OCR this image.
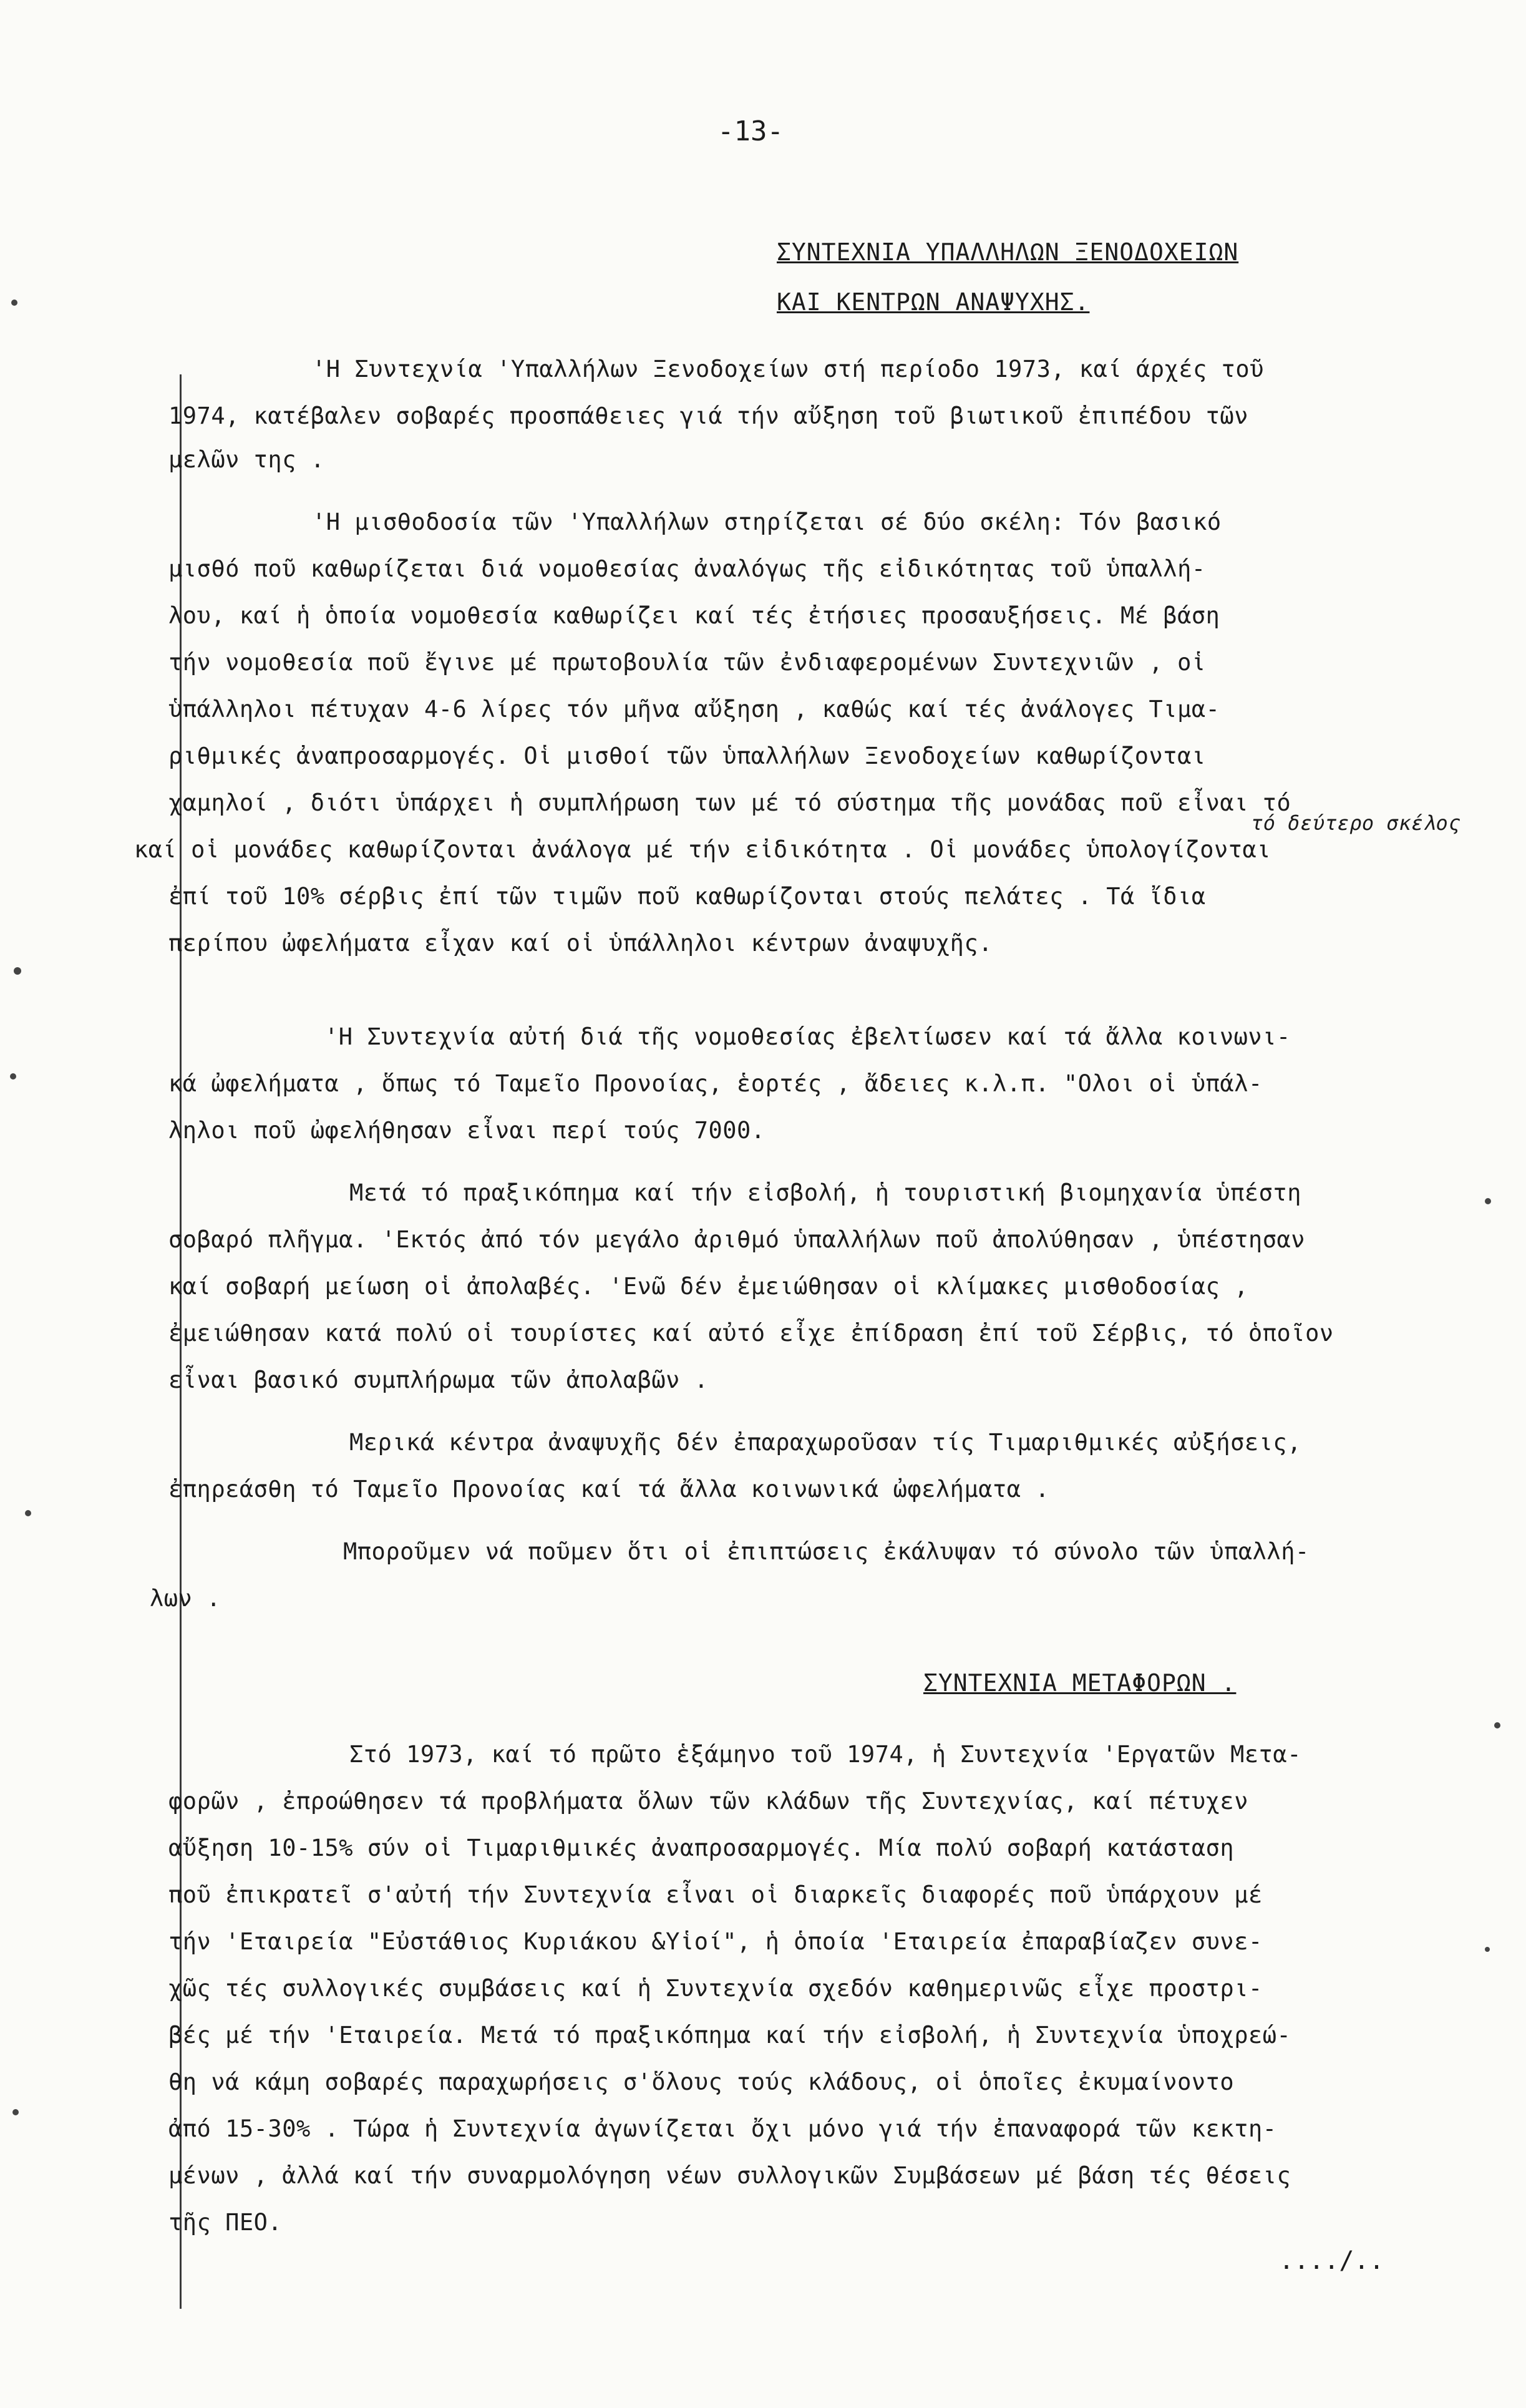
-13-
ΣΥΝΤΕΧΝΙΑ ΥΠΑΛΛΗΛΩΝ ΞΕΝΟΔΟΧΕΙΩΝ
ΚΑΙ ΚΕΝΤΡΩΝ ΑΝΑΨΥΧΗΣ.
'Η Συντεχνία 'Υπαλλήλων Ξενοδοχείων στή περίοδο 1973, καί άρχές τοῦ
1974, κατέβαλεν σοβαρές προσπάθειες γιά τήν αὔξηση τοῦ βιωτικοῦ ἐπιπέδου τῶν
μελῶν της .
'Η μισθοδοσία τῶν 'Υπαλλήλων στηρίζεται σέ δύο σκέλη: Τόν βασικό
μισθό ποῦ καθωρίζεται διά νομοθεσίας ἀναλόγως τῆς εἰδικότητας τοῦ ὑπαλλή-
λου, καί ἡ ὁποία νομοθεσία καθωρίζει καί τές ἐτήσιες προσαυξήσεις. Μέ βάση
τήν νομοθεσία ποῦ ἔγινε μέ πρωτοβουλία τῶν ἐνδιαφερομένων Συντεχνιῶν , οἱ
ὑπάλληλοι πέτυχαν 4-6 λίρες τόν μῆνα αὔξηση , καθώς καί τές ἀνάλογες Τιμα-
ριθμικές ἀναπροσαρμογές. Οἱ μισθοί τῶν ὑπαλλήλων Ξενοδοχείων καθωρίζονται
χαμηλοί , διότι ὑπάρχει ἡ συμπλήρωση των μέ τό σύστημα τῆς μονάδας ποῦ εἶναι τό
τό δεύτερο σκέλος
καί οἱ μονάδες καθωρίζονται ἀνάλογα μέ τήν εἰδικότητα . Οἱ μονάδες ὑπολογίζονται
ἐπί τοῦ 10% σέρβις ἐπί τῶν τιμῶν ποῦ καθωρίζονται στούς πελάτες . Τά ἴδια
περίπου ὠφελήματα εἶχαν καί οἱ ὑπάλληλοι κέντρων ἀναψυχῆς.
'Η Συντεχνία αὐτή διά τῆς νομοθεσίας ἐβελτίωσεν καί τά ἄλλα κοινωνι-
κά ὠφελήματα , ὅπως τό Ταμεῖο Προνοίας, ἑορτές , ἄδειες κ.λ.π. "Ολοι οἱ ὑπάλ-
ληλοι ποῦ ὠφελήθησαν εἶναι περί τούς 7000.
Μετά τό πραξικόπημα καί τήν εἰσβολή, ἡ τουριστική βιομηχανία ὑπέστη
σοβαρό πλῆγμα. 'Εκτός ἀπό τόν μεγάλο ἀριθμό ὑπαλλήλων ποῦ ἀπολύθησαν , ὑπέστησαν
καί σοβαρή μείωση οἱ ἀπολαβές. 'Ενῶ δέν ἐμειώθησαν οἱ κλίμακες μισθοδοσίας ,
ἐμειώθησαν κατά πολύ οἱ τουρίστες καί αὐτό εἶχε ἐπίδραση ἐπί τοῦ Σέρβις, τό ὁποῖον
εἶναι βασικό συμπλήρωμα τῶν ἀπολαβῶν .
Μερικά κέντρα ἀναψυχῆς δέν ἐπαραχωροῦσαν τίς Τιμαριθμικές αὐξήσεις,
ἐπηρεάσθη τό Ταμεῖο Προνοίας καί τά ἄλλα κοινωνικά ὠφελήματα .
Μποροῦμεν νά ποῦμεν ὅτι οἱ ἐπιπτώσεις ἐκάλυψαν τό σύνολο τῶν ὑπαλλή-
λων .
ΣΥΝΤΕΧΝΙΑ ΜΕΤΑΦΟΡΩΝ .
Στό 1973, καί τό πρῶτο ἑξάμηνο τοῦ 1974, ἡ Συντεχνία 'Εργατῶν Μετα-
φορῶν , ἐπροώθησεν τά προβλήματα ὅλων τῶν κλάδων τῆς Συντεχνίας, καί πέτυχεν
αὔξηση 10-15% σύν οἱ Τιμαριθμικές ἀναπροσαρμογές. Μία πολύ σοβαρή κατάσταση
ποῦ ἐπικρατεῖ σ'αὐτή τήν Συντεχνία εἶναι οἱ διαρκεῖς διαφορές ποῦ ὑπάρχουν μέ
τήν 'Εταιρεία "Εὐστάθιος Κυριάκου &Υἱοί", ἡ ὁποία 'Εταιρεία ἐπαραβίαζεν συνε-
χῶς τές συλλογικές συμβάσεις καί ἡ Συντεχνία σχεδόν καθημερινῶς εἶχε προστρι-
βές μέ τήν 'Εταιρεία. Μετά τό πραξικόπημα καί τήν εἰσβολή, ἡ Συντεχνία ὑποχρεώ-
θη νά κάμη σοβαρές παραχωρήσεις σ'ὅλους τούς κλάδους, οἱ ὁποῖες ἐκυμαίνοντο
ἀπό 15-30% . Τώρα ἡ Συντεχνία ἀγωνίζεται ὄχι μόνο γιά τήν ἐπαναφορά τῶν κεκτη-
μένων , ἀλλά καί τήν συναρμολόγηση νέων συλλογικῶν Συμβάσεων μέ βάση τές θέσεις
τῆς ΠΕΟ.
..../..
